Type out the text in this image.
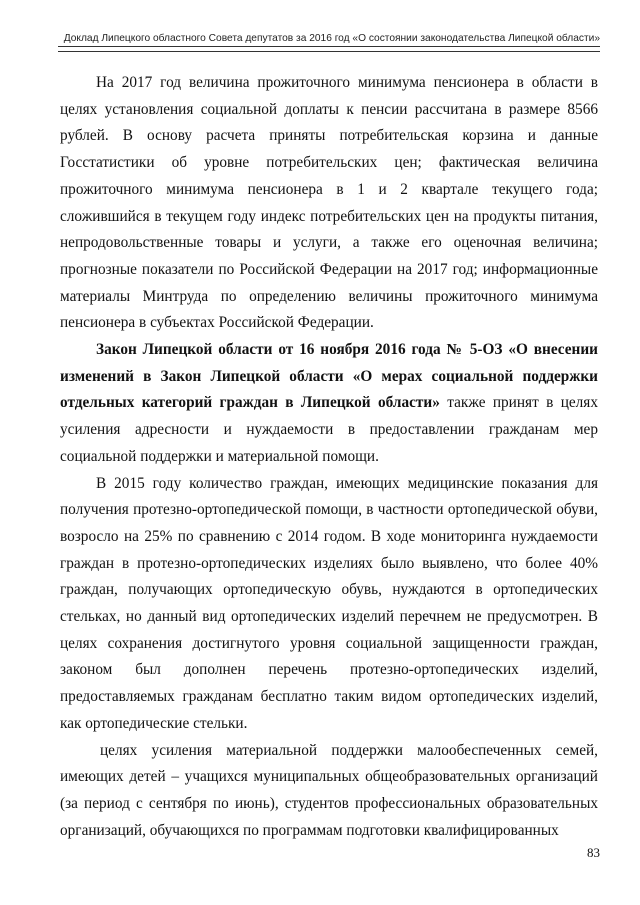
Доклад Липецкого областного Совета депутатов за 2016 год «О состоянии законодательства Липецкой области»

На 2017 год величина прожиточного минимума пенсионера в области в целях установления социальной доплаты к пенсии рассчитана в размере 8566 рублей. В основу расчета приняты потребительская корзина и данные Госстатистики об уровне потребительских цен; фактическая величина прожиточного минимума пенсионера в 1 и 2 квартале текущего года; сложившийся в текущем году индекс потребительских цен на продукты питания, непродовольственные товары и услуги, а также его оценочная величина; прогнозные показатели по Российской Федерации на 2017 год; информационные материалы Минтруда по определению величины прожиточного минимума пенсионера в субъектах Российской Федерации.

Закон Липецкой области от 16 ноября 2016 года № 5-ОЗ «О внесении изменений в Закон Липецкой области «О мерах социальной поддержки отдельных категорий граждан в Липецкой области» также принят в целях усиления адресности и нуждаемости в предоставлении гражданам мер социальной поддержки и материальной помощи.

В 2015 году количество граждан, имеющих медицинские показания для получения протезно-ортопедической помощи, в частности ортопедической обуви, возросло на 25% по сравнению с 2014 годом. В ходе мониторинга нуждаемости граждан в протезно-ортопедических изделиях было выявлено, что более 40% граждан, получающих ортопедическую обувь, нуждаются в ортопедических стельках, но данный вид ортопедических изделий перечнем не предусмотрен. В целях сохранения достигнутого уровня социальной защищенности граждан, законом был дополнен перечень протезно-ортопедических изделий, предоставляемых гражданам бесплатно таким видом ортопедических изделий, как ортопедические стельки.

целях усиления материальной поддержки малообеспеченных семей, имеющих детей – учащихся муниципальных общеобразовательных организаций (за период с сентября по июнь), студентов профессиональных образовательных организаций, обучающихся по программам подготовки квалифицированных

83
